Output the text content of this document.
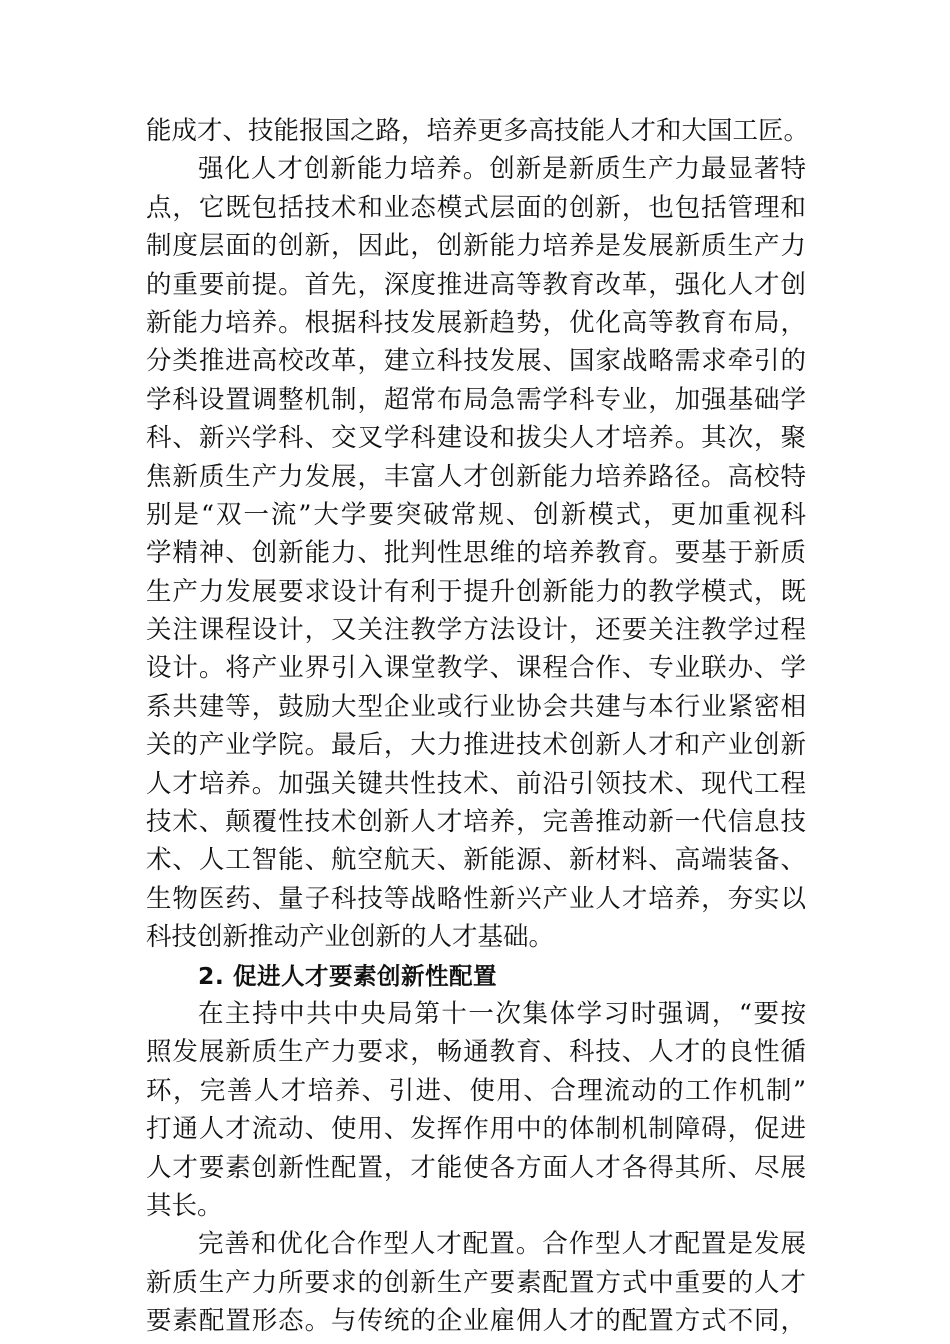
能成才、技能报国之路，培养更多高技能人才和大国工匠。
强化人才创新能力培养。创新是新质生产力最显著特
点，它既包括技术和业态模式层面的创新，也包括管理和
制度层面的创新，因此，创新能力培养是发展新质生产力
的重要前提。首先，深度推进高等教育改革，强化人才创
新能力培养。根据科技发展新趋势，优化高等教育布局，
分类推进高校改革，建立科技发展、国家战略需求牵引的
学科设置调整机制，超常布局急需学科专业，加强基础学
科、新兴学科、交叉学科建设和拔尖人才培养。其次，聚
焦新质生产力发展，丰富人才创新能力培养路径。高校特
别是“双一流”大学要突破常规、创新模式，更加重视科
学精神、创新能力、批判性思维的培养教育。要基于新质
生产力发展要求设计有利于提升创新能力的教学模式，既
关注课程设计，又关注教学方法设计，还要关注教学过程
设计。将产业界引入课堂教学、课程合作、专业联办、学
系共建等，鼓励大型企业或行业协会共建与本行业紧密相
关的产业学院。最后，大力推进技术创新人才和产业创新
人才培养。加强关键共性技术、前沿引领技术、现代工程
技术、颠覆性技术创新人才培养，完善推动新一代信息技
术、人工智能、航空航天、新能源、新材料、高端装备、
生物医药、量子科技等战略性新兴产业人才培养，夯实以
科技创新推动产业创新的人才基础。
2. 促进人才要素创新性配置
在主持中共中央局第十一次集体学习时强调，“要按
照发展新质生产力要求，畅通教育、科技、人才的良性循
环，完善人才培养、引进、使用、合理流动的工作机制”
打通人才流动、使用、发挥作用中的体制机制障碍，促进
人才要素创新性配置，才能使各方面人才各得其所、尽展
其长。
完善和优化合作型人才配置。合作型人才配置是发展
新质生产力所要求的创新生产要素配置方式中重要的人才
要素配置形态。与传统的企业雇佣人才的配置方式不同，
